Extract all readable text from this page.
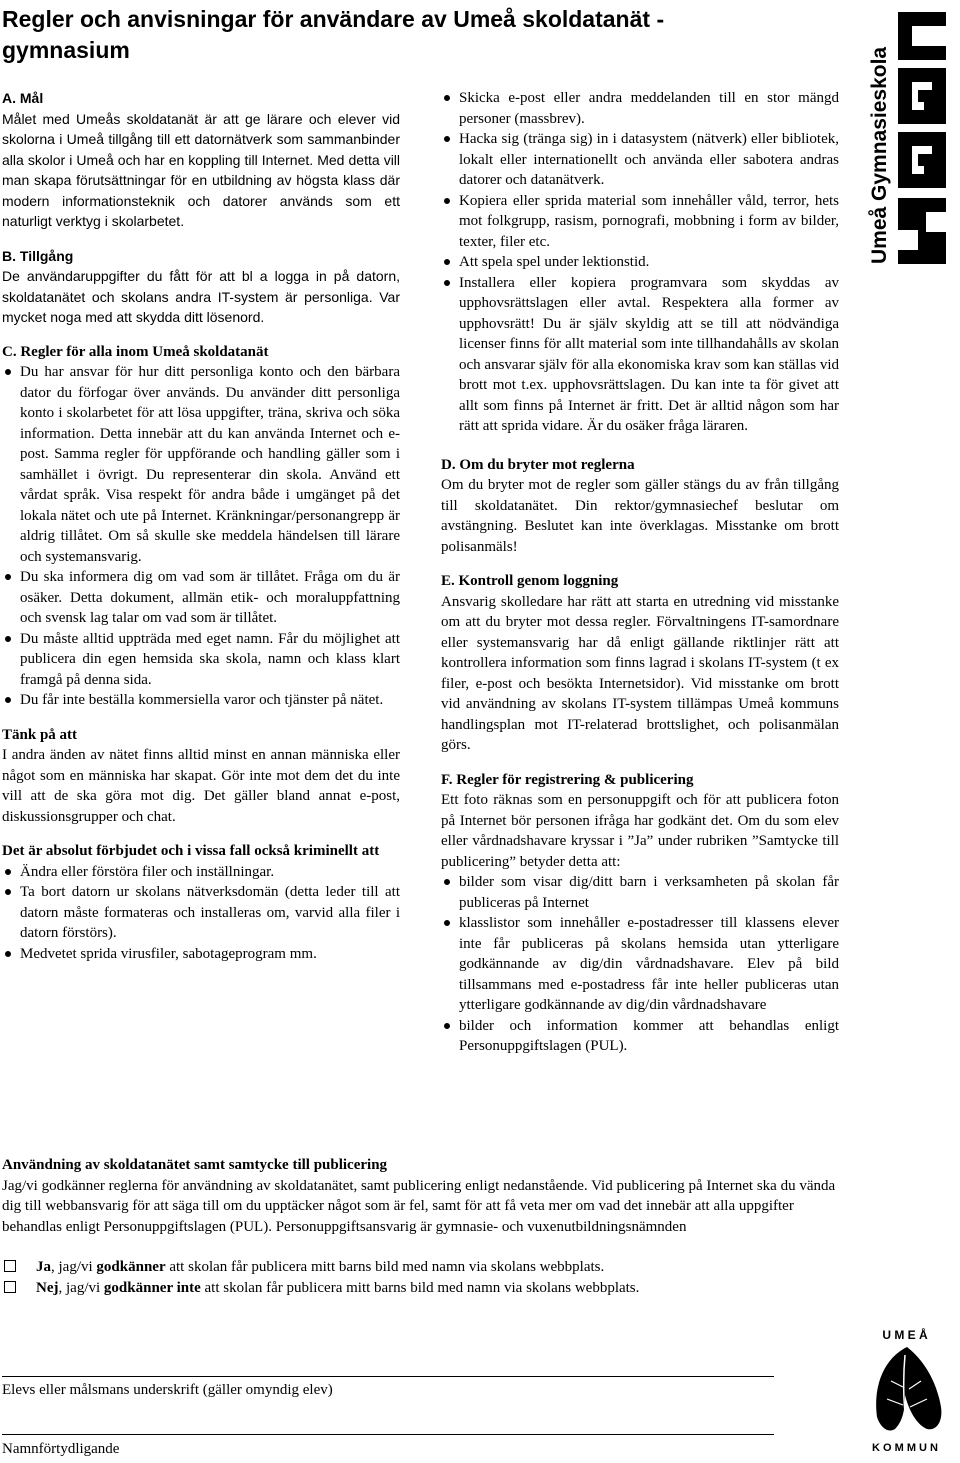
Regler och anvisningar för användare av Umeå skoldatanät -
gymnasium	Umeå Gymnasieskola

A. Mål

Målet med Umeås skoldatanät är att ge lärare och elever vid skolorna i Umeå tillgång till ett datornätverk som sammanbinder alla skolor i Umeå och har en koppling till Internet. Med detta vill man skapa förutsättningar för en utbildning av högsta klass där modern informationsteknik och datorer används som ett naturligt verktyg i skolarbetet.

B. Tillgång

De användaruppgifter du fått för att bl a logga in på datorn, skoldatanätet och skolans andra IT-system är personliga. Var mycket noga med att skydda ditt lösenord.

C. Regler för alla inom Umeå skoldatanät

Du har ansvar för hur ditt personliga konto och den bärbara dator du förfogar över används. Du använder ditt personliga konto i skolarbetet för att lösa uppgifter, träna, skriva och söka information. Detta innebär att du kan använda Internet och e-post. Samma regler för uppförande och handling gäller som i samhället i övrigt. Du representerar din skola. Använd ett vårdat språk. Visa respekt för andra både i umgänget på det lokala nätet och ute på Internet. Kränkningar/personangrepp är aldrig tillåtet. Om så skulle ske meddela händelsen till lärare och systemansvarig.
Du ska informera dig om vad som är tillåtet. Fråga om du är osäker. Detta dokument, allmän etik- och moraluppfattning och svensk lag talar om vad som är tillåtet.
Du måste alltid uppträda med eget namn. Får du möjlighet att publicera din egen hemsida ska skola, namn och klass klart framgå på denna sida.
Du får inte beställa kommersiella varor och tjänster på nätet.

Tänk på att

I andra änden av nätet finns alltid minst en annan människa eller något som en människa har skapat. Gör inte mot dem det du inte vill att de ska göra mot dig. Det gäller bland annat e-post, diskussionsgrupper och chat.

Det är absolut förbjudet och i vissa fall också kriminellt att

Ändra eller förstöra filer och inställningar.
Ta bort datorn ur skolans nätverksdomän (detta leder till att datorn måste formateras och installeras om, varvid alla filer i datorn förstörs).
Medvetet sprida virusfiler, sabotageprogram mm.
Skicka e-post eller andra meddelanden till en stor mängd personer (massbrev).
Hacka sig (tränga sig) in i datasystem (nätverk) eller bibliotek, lokalt eller internationellt och använda eller sabotera andras datorer och datanätverk.
Kopiera eller sprida material som innehåller våld, terror, hets mot folkgrupp, rasism, pornografi, mobbning i form av bilder, texter, filer etc.
Att spela spel under lektionstid.
Installera eller kopiera programvara som skyddas av upphovsrättslagen eller avtal. Respektera alla former av upphovsrätt! Du är själv skyldig att se till att nödvändiga licenser finns för allt material som inte tillhandahålls av skolan och ansvarar själv för alla ekonomiska krav som kan ställas vid brott mot t.ex. upphovsrättslagen. Du kan inte ta för givet att allt som finns på Internet är fritt. Det är alltid någon som har rätt att sprida vidare. Är du osäker fråga läraren.

D. Om du bryter mot reglerna

Om du bryter mot de regler som gäller stängs du av från tillgång till skoldatanätet. Din rektor/gymnasiechef beslutar om avstängning. Beslutet kan inte överklagas. Misstanke om brott polisanmäls!

E. Kontroll genom loggning

Ansvarig skolledare har rätt att starta en utredning vid misstanke om att du bryter mot dessa regler. Förvaltningens IT-samordnare eller systemansvarig har då enligt gällande riktlinjer rätt att kontrollera information som finns lagrad i skolans IT-system (t ex filer, e-post och besökta Internetsidor). Vid misstanke om brott vid användning av skolans IT-system tillämpas Umeå kommuns handlingsplan mot IT-relaterad brottslighet, och polisanmälan görs.

F. Regler för registrering & publicering

Ett foto räknas som en personuppgift och för att publicera foton på Internet bör personen ifråga har godkänt det. Om du som elev eller vårdnadshavare kryssar i ”Ja” under rubriken ”Samtycke till publicering” betyder detta att:

bilder som visar dig/ditt barn i verksamheten på skolan får publiceras på Internet
klasslistor som innehåller e-postadresser till klassens elever inte får publiceras på skolans hemsida utan ytterligare godkännande av dig/din vårdnadshavare. Elev på bild tillsammans med e-postadress får inte heller publiceras utan ytterligare godkännande av dig/din vårdnadshavare
bilder och information kommer att behandlas enligt Personuppgiftslagen (PUL).

Användning av skoldatanätet samt samtycke till publicering

Jag/vi godkänner reglerna för användning av skoldatanätet, samt publicering enligt nedanstående. Vid publicering på Internet ska du vända dig till webbansvarig för att säga till om du upptäcker något som är fel, samt för att få veta mer om vad det innebär att alla uppgifter behandlas enligt Personuppgiftslagen (PUL). Personuppgiftsansvarig är gymnasie- och vuxenutbildningsnämnden

Ja, jag/vi godkänner att skolan får publicera mitt barns bild med namn via skolans webbplats.

Nej, jag/vi godkänner inte att skolan får publicera mitt barns bild med namn via skolans webbplats.

Elevs eller målsmans underskrift (gäller omyndig elev)
Namnförtydligande
U M E Å
K O M M U N
